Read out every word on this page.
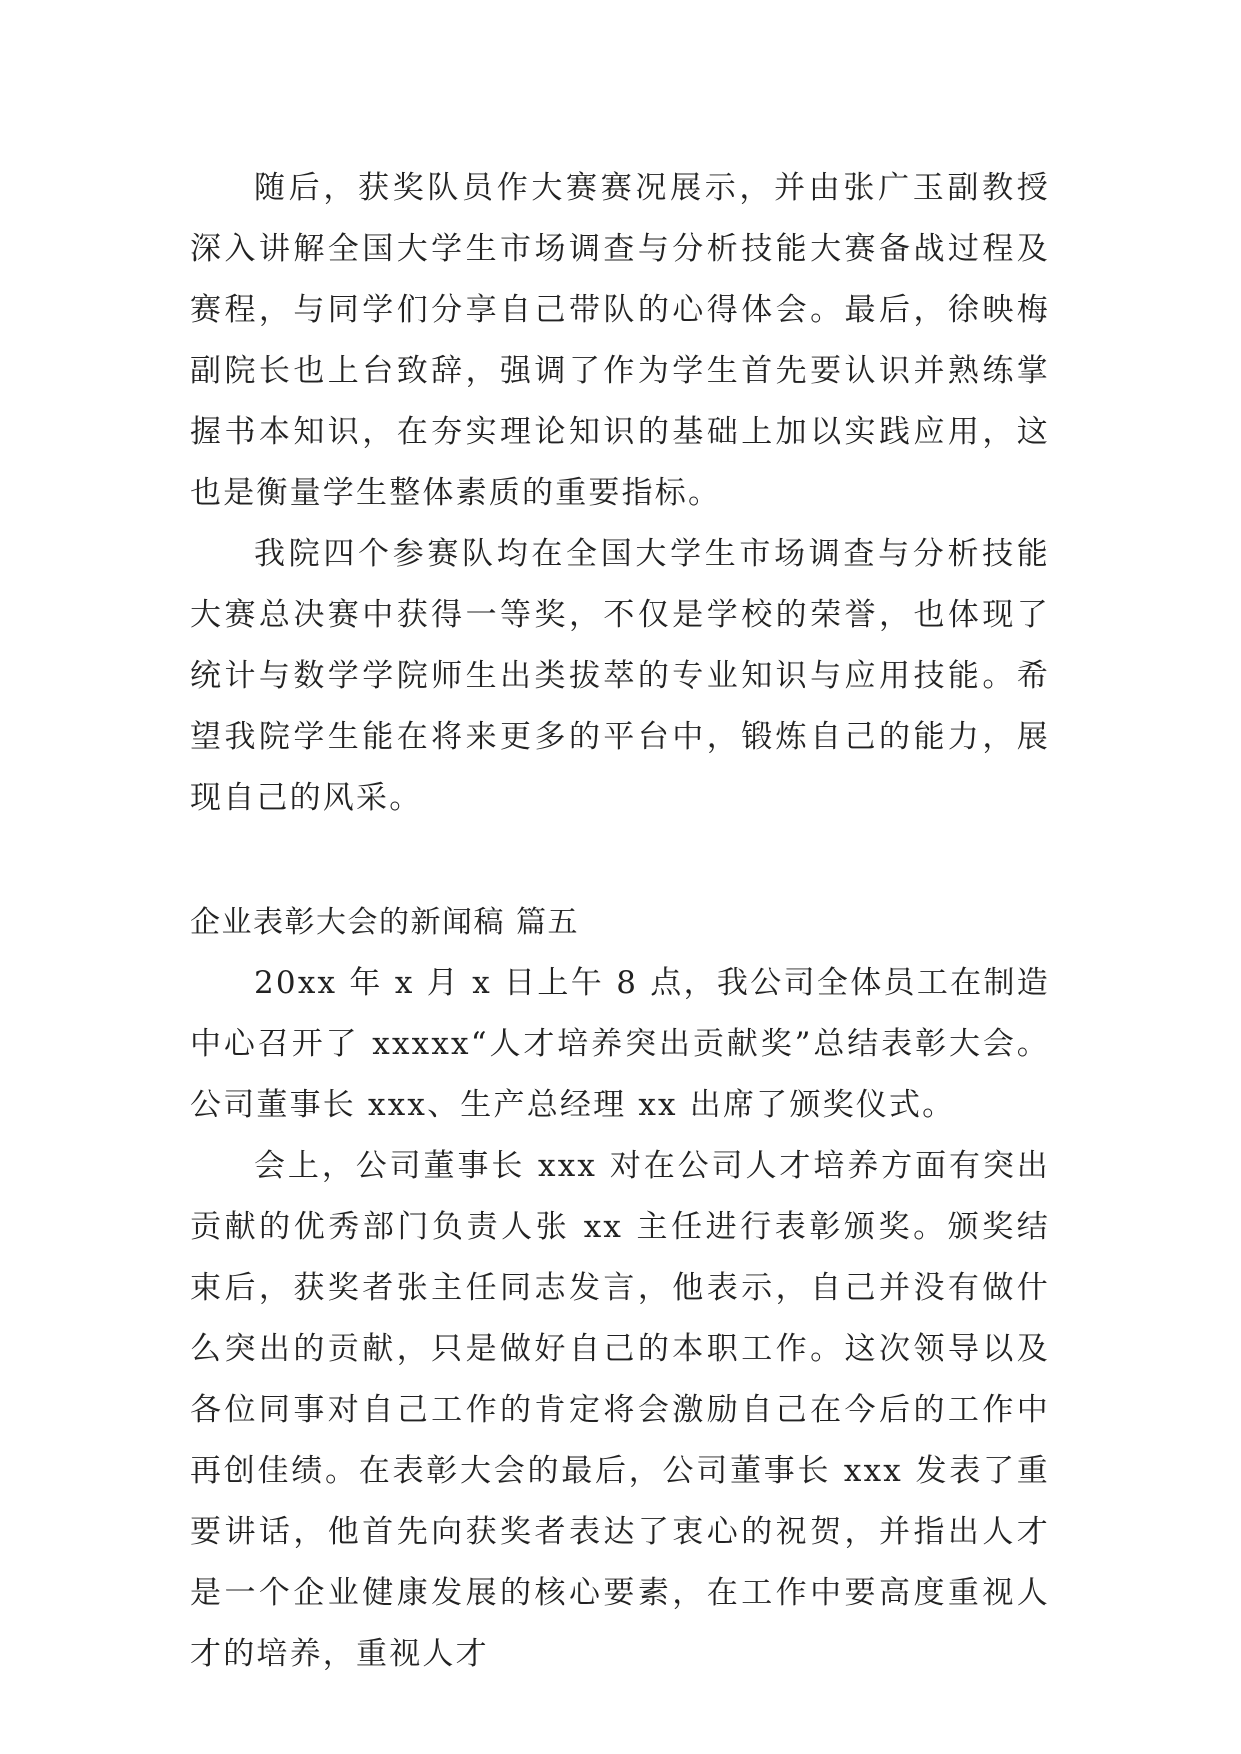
随后，获奖队员作大赛赛况展示，并由张广玉副教授深入讲解全国大学生市场调查与分析技能大赛备战过程及赛程，与同学们分享自己带队的心得体会。最后，徐映梅副院长也上台致辞，强调了作为学生首先要认识并熟练掌握书本知识，在夯实理论知识的基础上加以实践应用，这也是衡量学生整体素质的重要指标。

我院四个参赛队均在全国大学生市场调查与分析技能大赛总决赛中获得一等奖，不仅是学校的荣誉，也体现了统计与数学学院师生出类拔萃的专业知识与应用技能。希望我院学生能在将来更多的平台中，锻炼自己的能力，展现自己的风采。

企业表彰大会的新闻稿 篇五

20xx 年 x 月 x 日上午 8 点，我公司全体员工在制造中心召开了 xxxxx“人才培养突出贡献奖”总结表彰大会。公司董事长 xxx、生产总经理 xx 出席了颁奖仪式。

会上，公司董事长 xxx 对在公司人才培养方面有突出贡献的优秀部门负责人张 xx 主任进行表彰颁奖。颁奖结束后，获奖者张主任同志发言，他表示，自己并没有做什么突出的贡献，只是做好自己的本职工作。这次领导以及各位同事对自己工作的肯定将会激励自己在今后的工作中再创佳绩。在表彰大会的最后，公司董事长 xxx 发表了重要讲话，他首先向获奖者表达了衷心的祝贺，并指出人才是一个企业健康发展的核心要素，在工作中要高度重视人才的培养，重视人才
